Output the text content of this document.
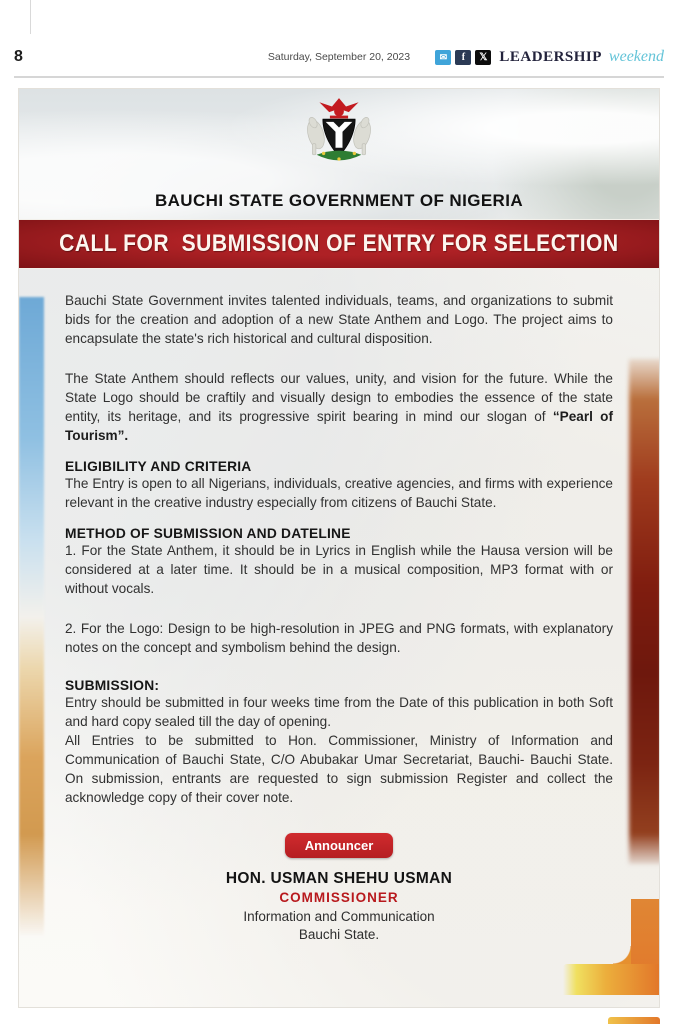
8	Saturday, September 20, 2023	✉	f	𝕏 LEADERSHIP weekend
BAUCHI STATE GOVERNMENT OF NIGERIA
CALL FOR  SUBMISSION OF ENTRY FOR SELECTION

Bauchi State Government invites talented individuals, teams, and organizations to submit bids for the creation and adoption of a new State Anthem and Logo. The project aims to encapsulate the state's rich historical and cultural disposition.

The State Anthem should reflects our values, unity, and vision for the future. While the State Logo should be craftily and visually design to embodies the essence of the state entity, its heritage, and its progressive spirit bearing in mind our slogan of “Pearl of Tourism”.

ELIGIBILITY AND CRITERIA

The Entry is open to all Nigerians, individuals, creative agencies, and firms with experience relevant in the creative industry especially from citizens of Bauchi State.

METHOD OF SUBMISSION AND DATELINE

1. For the State Anthem, it should be in Lyrics in English while the Hausa version will be considered at a later time. It should be in a musical composition, MP3 format with or without vocals.

2. For the Logo: Design to be high-resolution in JPEG and PNG formats, with explanatory notes on the concept and symbolism behind the design.

SUBMISSION:

Entry should be submitted in four weeks time from the Date of this publication in both Soft and hard copy sealed till the day of opening.

All Entries to be submitted to Hon. Commissioner, Ministry of Information and Communication of Bauchi State, C/O Abubakar Umar Secretariat, Bauchi- Bauchi State. On submission, entrants are requested to sign submission Register and collect the acknowledge copy of their cover note.

Announcer
HON. USMAN SHEHU USMAN
COMMISSIONER
Information and Communication
Bauchi State.
